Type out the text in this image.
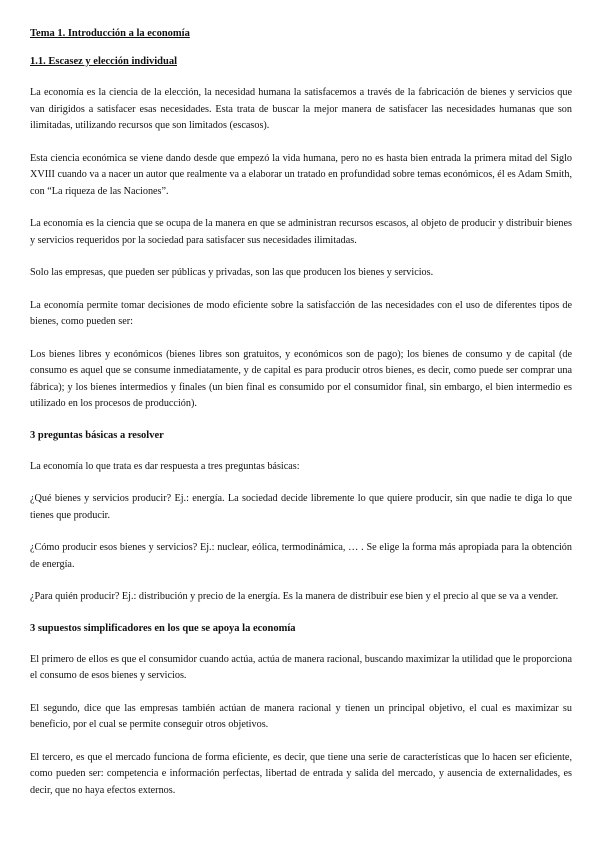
Tema 1. Introducción a la economía
1.1. Escasez y elección individual

La economía es la ciencia de la elección, la necesidad humana la satisfacemos a través de la fabricación de bienes y servicios que van dirigidos a satisfacer esas necesidades. Esta trata de buscar la mejor manera de satisfacer las necesidades humanas que son ilimitadas, utilizando recursos que son limitados (escasos).

Esta ciencia económica se viene dando desde que empezó la vida humana, pero no es hasta bien entrada la primera mitad del Siglo XVIII cuando va a nacer un autor que realmente va a elaborar un tratado en profundidad sobre temas económicos, él es Adam Smith, con “La riqueza de las Naciones”.

La economía es la ciencia que se ocupa de la manera en que se administran recursos escasos, al objeto de producir y distribuir bienes y servicios requeridos por la sociedad para satisfacer sus necesidades ilimitadas.

Solo las empresas, que pueden ser públicas y privadas, son las que producen los bienes y servicios.

La economía permite tomar decisiones de modo eficiente sobre la satisfacción de las necesidades con el uso de diferentes tipos de bienes, como pueden ser:

Los bienes libres y económicos (bienes libres son gratuitos, y económicos son de pago); los bienes de consumo y de capital (de consumo es aquel que se consume inmediatamente, y de capital es para producir otros bienes, es decir, como puede ser comprar una fábrica); y los bienes intermedios y finales (un bien final es consumido por el consumidor final, sin embargo, el bien intermedio es utilizado en los procesos de producción).

3 preguntas básicas a resolver

La economía lo que trata es dar respuesta a tres preguntas básicas:

¿Qué bienes y servicios producir? Ej.: energía. La sociedad decide libremente lo que quiere producir, sin que nadie te diga lo que tienes que producir.

¿Cómo producir esos bienes y servicios? Ej.: nuclear, eólica, termodinámica, … . Se elige la forma más apropiada para la obtención de energía.

¿Para quién producir? Ej.: distribución y precio de la energía. Es la manera de distribuir ese bien y el precio al que se va a vender.

3 supuestos simplificadores en los que se apoya la economía

El primero de ellos es que el consumidor cuando actúa, actúa de manera racional, buscando maximizar la utilidad que le proporciona el consumo de esos bienes y servicios.

El segundo, dice que las empresas también actúan de manera racional y tienen un principal objetivo, el cual es maximizar su beneficio, por el cual se permite conseguir otros objetivos.

El tercero, es que el mercado funciona de forma eficiente, es decir, que tiene una serie de características que lo hacen ser eficiente, como pueden ser: competencia e información perfectas, libertad de entrada y salida del mercado, y ausencia de externalidades, es decir, que no haya efectos externos.
